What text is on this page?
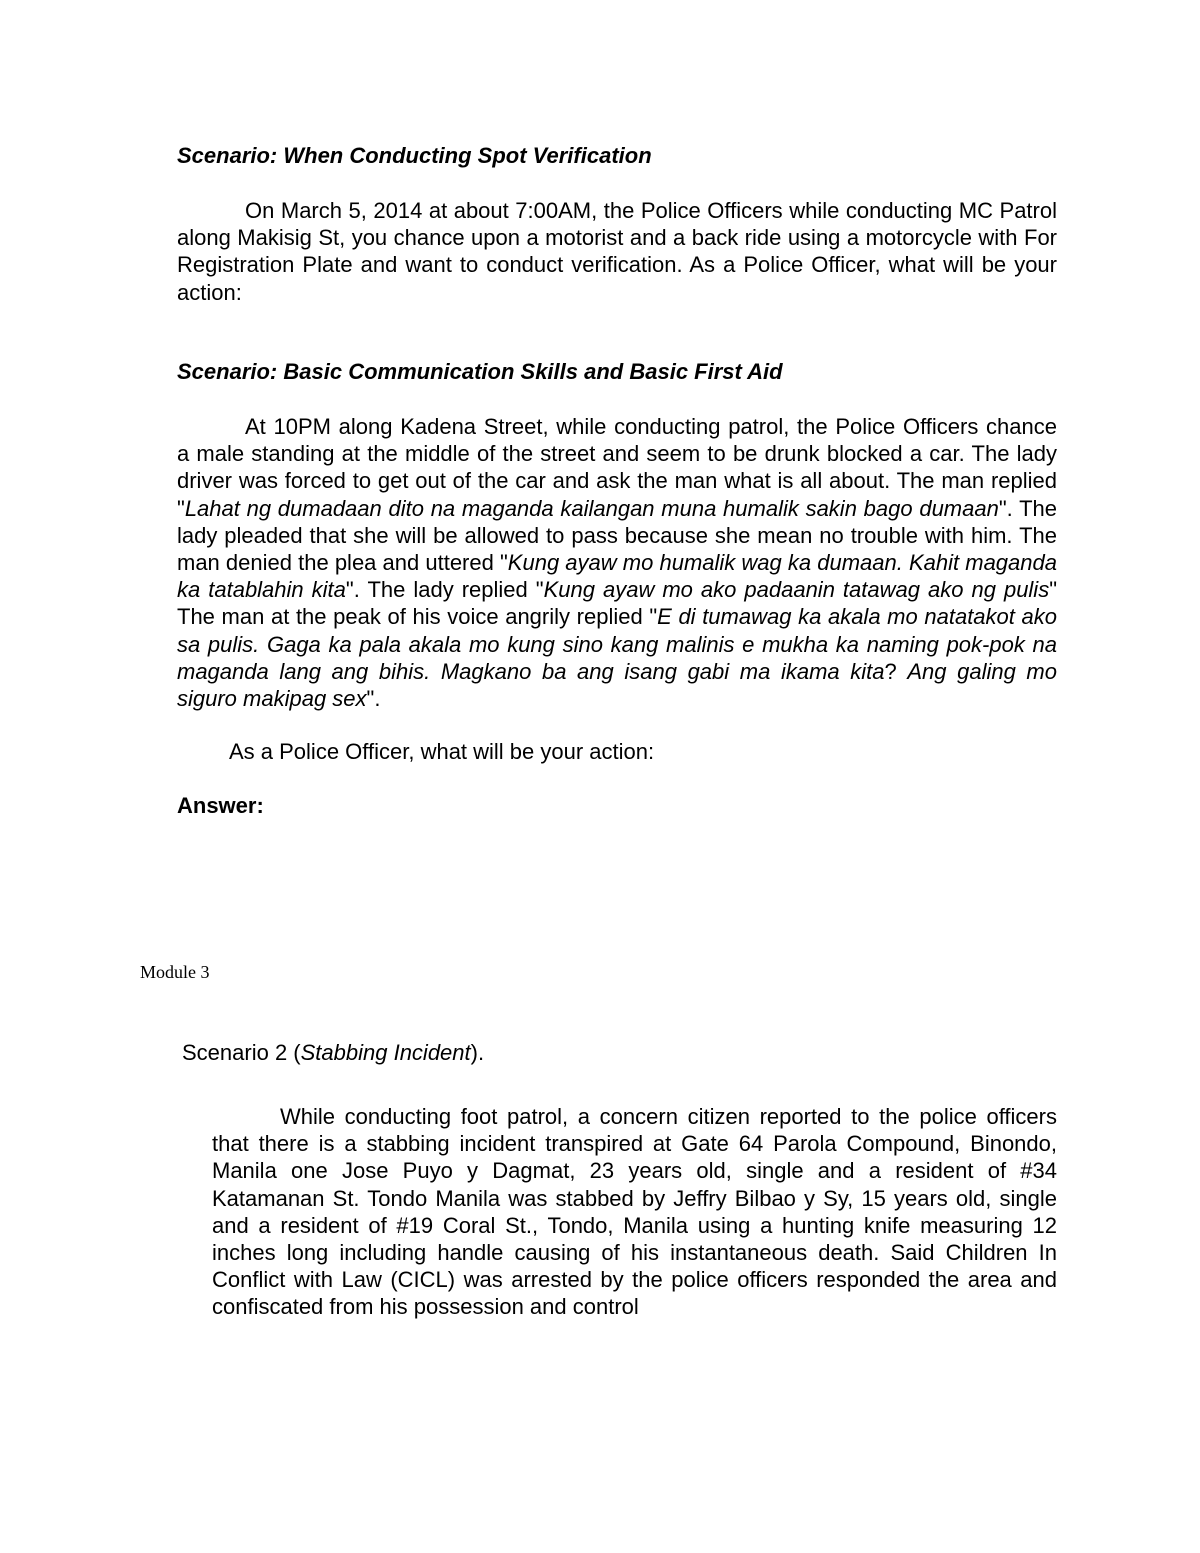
Scenario: When Conducting Spot Verification
On March 5, 2014 at about 7:00AM, the Police Officers while conducting MC Patrol along Makisig St, you chance upon a motorist and a back ride using a motorcycle with For Registration Plate and want to conduct verification. As a Police Officer, what will be your action:
Scenario: Basic Communication Skills and Basic First Aid
At 10PM along Kadena Street, while conducting patrol, the Police Officers chance a male standing at the middle of the street and seem to be drunk blocked a car. The lady driver was forced to get out of the car and ask the man what is all about. The man replied "Lahat ng dumadaan dito na maganda kailangan muna humalik sakin bago dumaan". The lady pleaded that she will be allowed to pass because she mean no trouble with him. The man denied the plea and uttered "Kung ayaw mo humalik wag ka dumaan. Kahit maganda ka tatablahin kita". The lady replied "Kung ayaw mo ako padaanin tatawag ako ng pulis" The man at the peak of his voice angrily replied "E di tumawag ka akala mo natatakot ako sa pulis. Gaga ka pala akala mo kung sino kang malinis e mukha ka naming pok-pok na maganda lang ang bihis. Magkano ba ang isang gabi ma ikama kita? Ang galing mo siguro makipag sex".
As a Police Officer, what will be your action:
Answer:
Module 3
Scenario 2 (Stabbing Incident).
While conducting foot patrol, a concern citizen reported to the police officers that there is a stabbing incident transpired at Gate 64 Parola Compound, Binondo, Manila one Jose Puyo y Dagmat, 23 years old, single and a resident of #34 Katamanan St. Tondo Manila was stabbed by Jeffry Bilbao y Sy, 15 years old, single and a resident of #19 Coral St., Tondo, Manila using a hunting knife measuring 12 inches long including handle causing of his instantaneous death. Said Children In Conflict with Law (CICL) was arrested by the police officers responded the area and confiscated from his possession and control
